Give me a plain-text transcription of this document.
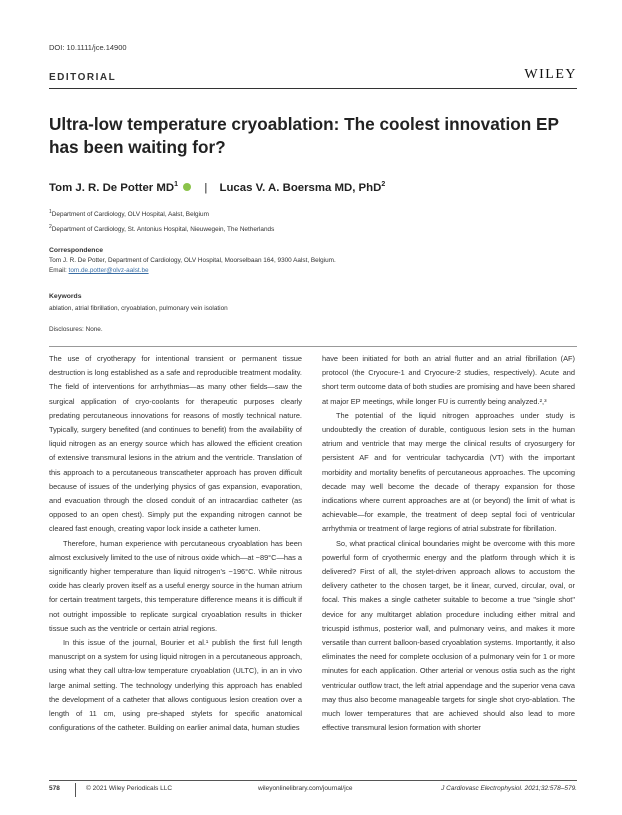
DOI: 10.1111/jce.14900
EDITORIAL	WILEY
Ultra-low temperature cryoablation: The coolest innovation EP has been waiting for?
Tom J. R. De Potter $MD^1$ | Lucas V. A. Boersma MD, PhD$^2$
$^1$Department of Cardiology, OLV Hospital, Aalst, Belgium
$^2$Department of Cardiology, St. Antonius Hospital, Nieuwegein, The Netherlands
Correspondence
Tom J. R. De Potter, Department of Cardiology, OLV Hospital, Moorselbaan 164, 9300 Aalst, Belgium.
Email: tom.de.potter@olvz-aalst.be
Keywords
ablation, atrial fibrillation, cryoablation, pulmonary vein isolation
Disclosures: None.

The use of cryotherapy for intentional transient or permanent tissue destruction is long established as a safe and reproducible treatment modality. The field of interventions for arrhythmias—as many other fields—saw the surgical application of cryo-coolants for therapeutic purposes clearly predating percutaneous innovations for reasons of mostly technical nature. Typically, surgery benefited (and continues to benefit) from the availability of liquid nitrogen as an energy source which has allowed the efficient creation of extensive transmural lesions in the atrium and the ventricle. Translation of this approach to a percutaneous transcatheter approach has proven difficult because of issues of the underlying physics of gas expansion, evaporation, and evacuation through the closed conduit of an intracardiac catheter (as opposed to an open chest). Simply put the expanding nitrogen cannot be cleared fast enough, creating vapor lock inside a catheter lumen.

Therefore, human experience with percutaneous cryoablation has been almost exclusively limited to the use of nitrous oxide which—at −89°C—has a significantly higher temperature than liquid nitrogen's −196°C. While nitrous oxide has clearly proven itself as a useful energy source in the human atrium for certain treatment targets, this temperature difference means it is difficult if not outright impossible to replicate surgical cryoablation results in thicker tissue such as the ventricle or certain atrial regions.

In this issue of the journal, Bourier et al.¹ publish the first full length manuscript on a system for using liquid nitrogen in a percutaneous approach, using what they call ultra-low temperature cryoablation (ULTC), in an in vivo large animal setting. The technology underlying this approach has enabled the development of a catheter that allows contiguous lesion creation over a length of 11 cm, using pre-shaped stylets for specific anatomical configurations of the catheter. Building on earlier animal data, human studies

have been initiated for both an atrial flutter and an atrial fibrillation (AF) protocol (the Cryocure-1 and Cryocure-2 studies, respectively). Acute and short term outcome data of both studies are promising and have been shared at major EP meetings, while longer FU is currently being analyzed.²,³

The potential of the liquid nitrogen approaches under study is undoubtedly the creation of durable, contiguous lesion sets in the human atrium and ventricle that may merge the clinical results of cryosurgery for persistent AF and for ventricular tachycardia (VT) with the important morbidity and mortality benefits of percutaneous approaches. The upcoming decade may well become the decade of therapy expansion for those indications where current approaches are at (or beyond) the limit of what is achievable—for example, the treatment of deep septal foci of ventricular arrhythmia or treatment of large regions of atrial substrate for fibrillation.

So, what practical clinical boundaries might be overcome with this more powerful form of cryothermic energy and the platform through which it is delivered? First of all, the stylet-driven approach allows to accustom the delivery catheter to the chosen target, be it linear, curved, circular, oval, or focal. This makes a single catheter suitable to become a true "single shot" device for any multitarget ablation procedure including either mitral and tricuspid isthmus, posterior wall, and pulmonary veins, and makes it more versatile than current balloon-based cryoablation systems. Importantly, it also eliminates the need for complete occlusion of a pulmonary vein for 1 or more minutes for each application. Other arterial or venous ostia such as the right ventricular outflow tract, the left atrial appendage and the superior vena cava may thus also become manageable targets for single shot cryo-ablation. The much lower temperatures that are achieved should also lead to more effective transmural lesion formation with shorter

578	© 2021 Wiley Periodicals LLC	wileyonlinelibrary.com/journal/jce	J Cardiovasc Electrophysiol. 2021;32:578–579.
